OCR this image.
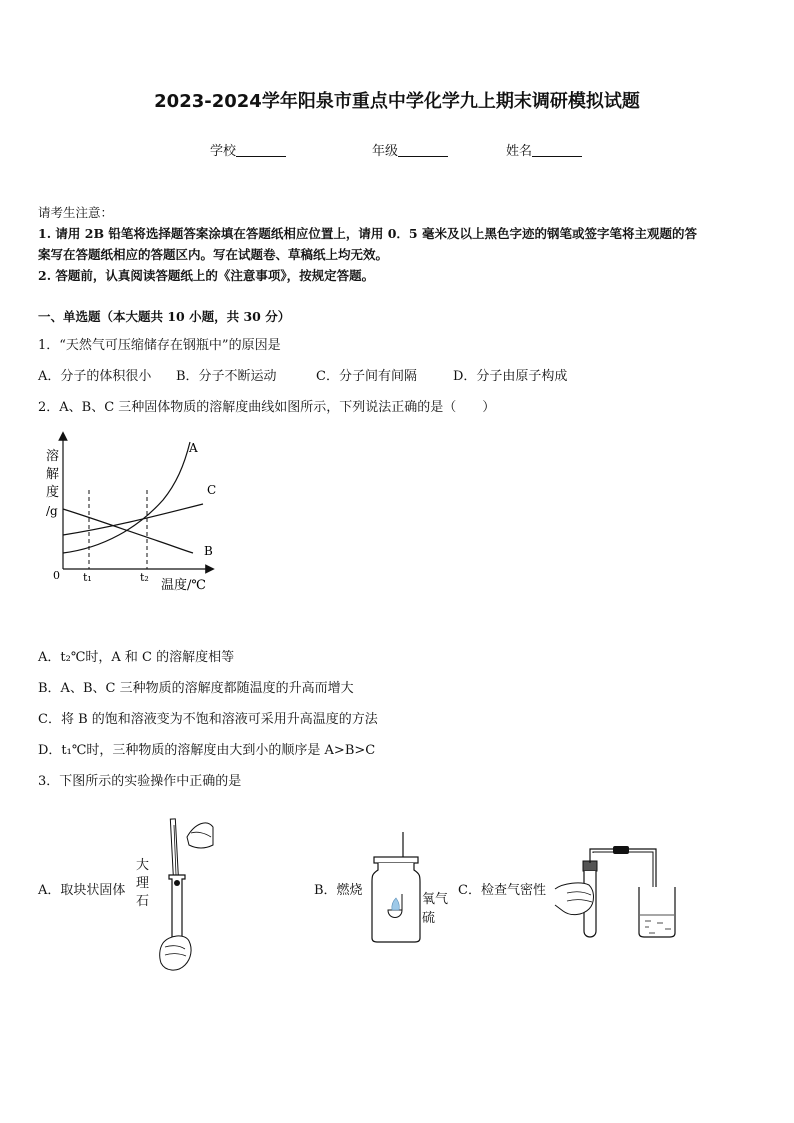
2023-2024学年阳泉市重点中学化学九上期末调研模拟试题
学校	年级	姓名
请考生注意：
1. 请用 2B 铅笔将选择题答案涂填在答题纸相应位置上，请用 0．5 毫米及以上黑色字迹的钢笔或签字笔将主观题的答
案写在答题纸相应的答题区内。写在试题卷、草稿纸上均无效。
2. 答题前，认真阅读答题纸上的《注意事项》，按规定答题。
一、单选题（本大题共 10 小题，共 30 分）
1．“天然气可压缩储存在钢瓶中”的原因是
A．分子的体积很小 B．分子不断运动	C．分子间有间隔	D．分子由原子构成
2．A、B、C 三种固体物质的溶解度曲线如图所示，下列说法正确的是（　　）
溶
解
度
/g
0 t₁	t₂
温度/℃
A
B
C
A．t₂℃时，A 和 C 的溶解度相等
B．A、B、C 三种物质的溶解度都随温度的升高而增大
C．将 B 的饱和溶液变为不饱和溶液可采用升高温度的方法
D．t₁℃时，三种物质的溶解度由大到小的顺序是 A>B>C
3．下图所示的实验操作中正确的是
A．取块状固体
大
理
石
B．燃烧
氧气
硫
C．检查气密性
